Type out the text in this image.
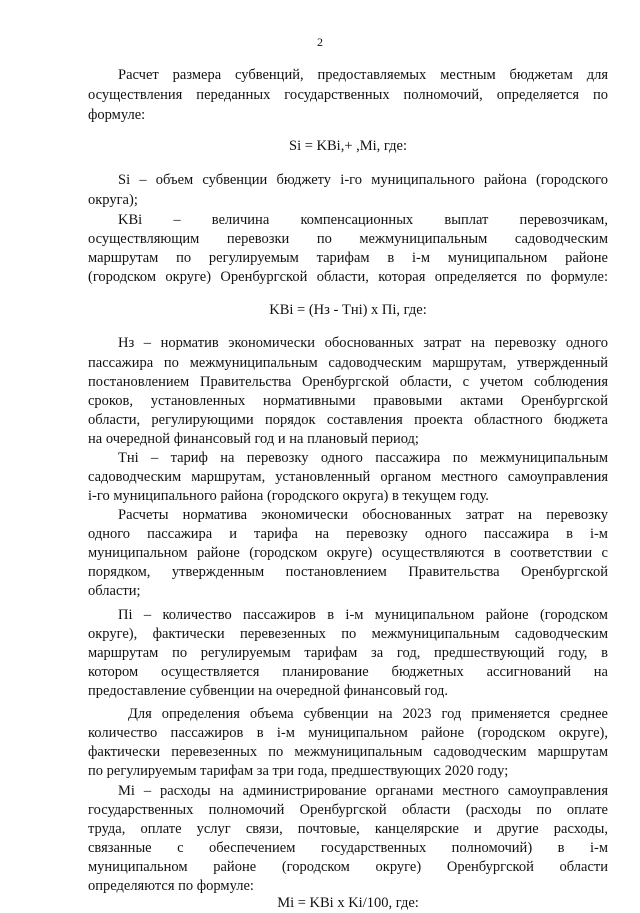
2
Расчет размера субвенций, предоставляемых местным бюджетам для
осуществления переданных государственных полномочий, определяется по
формуле:
Si = KBi,+ ,Mi, где:
Si – объем субвенции бюджету i-го муниципального района (городского
округа);
KBi – величина компенсационных выплат перевозчикам,
осуществляющим перевозки по межмуниципальным садоводческим
маршрутам по регулируемым тарифам в i-м муниципальном районе
(городском округе) Оренбургской области, которая определяется по формуле:
KBi = (Нз - Tнi) x Пi, где:
Нз – норматив экономически обоснованных затрат на перевозку одного
пассажира по межмуниципальным садоводческим маршрутам, утвержденный
постановлением Правительства Оренбургской области, с учетом соблюдения
сроков, установленных нормативными правовыми актами Оренбургской
области, регулирующими порядок составления проекта областного бюджета
на очередной финансовый год и на плановый период;
Tнi – тариф на перевозку одного пассажира по межмуниципальным
садоводческим маршрутам, установленный органом местного самоуправления
i-го муниципального района (городского округа) в текущем году.
Расчеты норматива экономически обоснованных затрат на перевозку
одного пассажира и тарифа на перевозку одного пассажира в i-м
муниципальном районе (городском округе) осуществляются в соответствии с
порядком, утвержденным постановлением Правительства Оренбургской
области;
Пi – количество пассажиров в i-м муниципальном районе (городском
округе), фактически перевезенных по межмуниципальным садоводческим
маршрутам по регулируемым тарифам за год, предшествующий году, в
котором осуществляется планирование бюджетных ассигнований на
предоставление субвенции на очередной финансовый год.
Для определения объема субвенции на 2023 год применяется среднее
количество пассажиров в i-м муниципальном районе (городском округе),
фактически перевезенных по межмуниципальным садоводческим маршрутам
по регулируемым тарифам за три года, предшествующих 2020 году;
Mi – расходы на администрирование органами местного самоуправления
государственных полномочий Оренбургской области (расходы по оплате
труда, оплате услуг связи, почтовые, канцелярские и другие расходы,
связанные с обеспечением государственных полномочий) в i-м
муниципальном районе (городском округе) Оренбургской области
определяются по формуле:
Mi = KBi x Ki/100, где:
